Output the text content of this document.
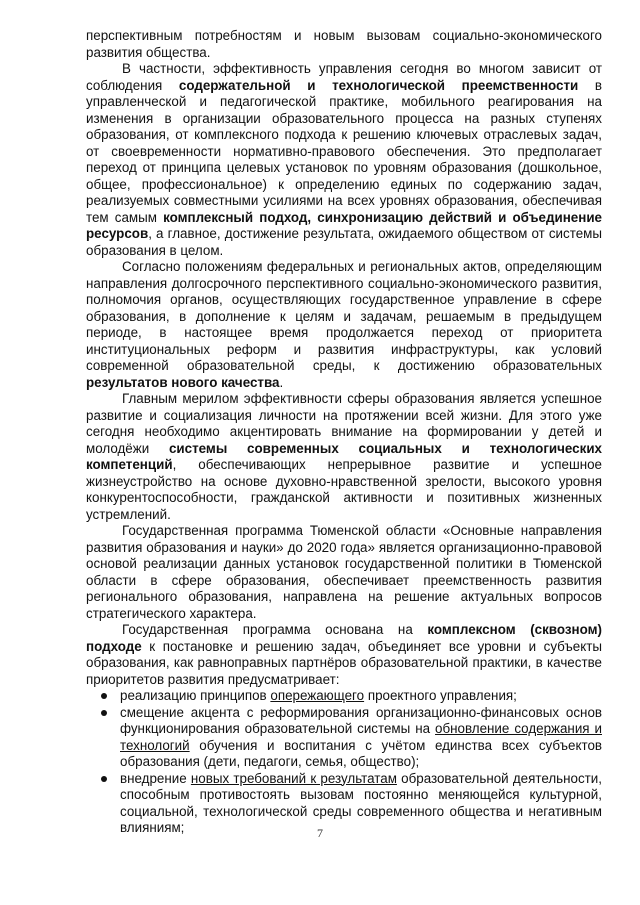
перспективным потребностям и новым вызовам социально-экономического развития общества.

В частности, эффективность управления сегодня во многом зависит от соблюдения содержательной и технологической преемственности в управленческой и педагогической практике, мобильного реагирования на изменения в организации образовательного процесса на разных ступенях образования, от комплексного подхода к решению ключевых отраслевых задач, от своевременности нормативно-правового обеспечения. Это предполагает переход от принципа целевых установок по уровням образования (дошкольное, общее, профессиональное) к определению единых по содержанию задач, реализуемых совместными усилиями на всех уровнях образования, обеспечивая тем самым комплексный подход, синхронизацию действий и объединение ресурсов, а главное, достижение результата, ожидаемого обществом от системы образования в целом.

Согласно положениям федеральных и региональных актов, определяющим направления долгосрочного перспективного социально-экономического развития, полномочия органов, осуществляющих государственное управление в сфере образования, в дополнение к целям и задачам, решаемым в предыдущем периоде, в настоящее время продолжается переход от приоритета институциональных реформ и развития инфраструктуры, как условий современной образовательной среды, к достижению образовательных результатов нового качества.

Главным мерилом эффективности сферы образования является успешное развитие и социализация личности на протяжении всей жизни. Для этого уже сегодня необходимо акцентировать внимание на формировании у детей и молодёжи системы современных социальных и технологических компетенций, обеспечивающих непрерывное развитие и успешное жизнеустройство на основе духовно-нравственной зрелости, высокого уровня конкурентоспособности, гражданской активности и позитивных жизненных устремлений.

Государственная программа Тюменской области «Основные направления развития образования и науки» до 2020 года» является организационно-правовой основой реализации данных установок государственной политики в Тюменской области в сфере образования, обеспечивает преемственность развития регионального образования, направлена на решение актуальных вопросов стратегического характера.

Государственная программа основана на комплексном (сквозном) подходе к постановке и решению задач, объединяет все уровни и субъекты образования, как равноправных партнёров образовательной практики, в качестве приоритетов развития предусматривает:

реализацию принципов опережающего проектного управления;
смещение акцента с реформирования организационно-финансовых основ функционирования образовательной системы на обновление содержания и технологий обучения и воспитания с учётом единства всех субъектов образования (дети, педагоги, семья, общество);
внедрение новых требований к результатам образовательной деятельности, способным противостоять вызовам постоянно меняющейся культурной, социальной, технологической среды современного общества и негативным влияниям;	7
